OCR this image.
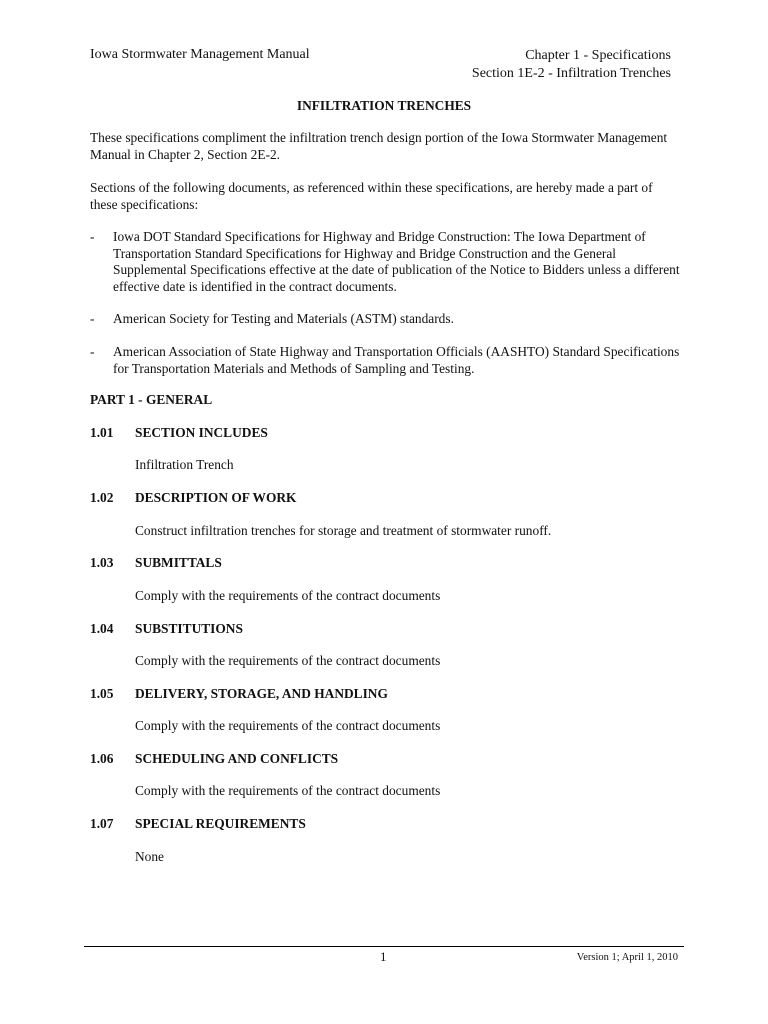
Iowa Stormwater Management Manual	Chapter 1 - Specifications
Section 1E-2 - Infiltration Trenches
INFILTRATION TRENCHES
These specifications compliment the infiltration trench design portion of the Iowa Stormwater Management Manual in Chapter 2, Section 2E-2.
Sections of the following documents, as referenced within these specifications, are hereby made a part of these specifications:
- Iowa DOT Standard Specifications for Highway and Bridge Construction: The Iowa Department of Transportation Standard Specifications for Highway and Bridge Construction and the General Supplemental Specifications effective at the date of publication of the Notice to Bidders unless a different effective date is identified in the contract documents.
- American Society for Testing and Materials (ASTM) standards.
- American Association of State Highway and Transportation Officials (AASHTO) Standard Specifications for Transportation Materials and Methods of Sampling and Testing.
PART 1 - GENERAL
1.01 SECTION INCLUDES
Infiltration Trench
1.02 DESCRIPTION OF WORK
Construct infiltration trenches for storage and treatment of stormwater runoff.
1.03 SUBMITTALS
Comply with the requirements of the contract documents
1.04 SUBSTITUTIONS
Comply with the requirements of the contract documents
1.05 DELIVERY, STORAGE, AND HANDLING
Comply with the requirements of the contract documents
1.06 SCHEDULING AND CONFLICTS
Comply with the requirements of the contract documents
1.07 SPECIAL REQUIREMENTS
None
1	Version 1; April 1, 2010
